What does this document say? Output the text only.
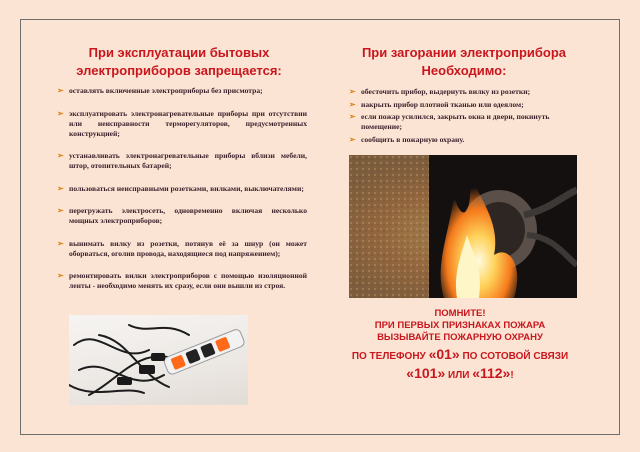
При эксплуатации бытовых
электроприборов запрещается:
➢ оставлять включенные электроприборы без присмотра;
➢ эксплуатировать электронагревательные приборы при отсутствии или неисправности терморегуляторов, предусмотренных конструкцией;
➢ устанавливать электронагревательные приборы вблизи мебели, штор, отопительных батарей;
➢ пользоваться неисправными розетками, вилками, выключателями;
➢ перегружать электросеть, одновременно включая несколько мощных электроприборов;
➢ вынимать вилку из розетки, потянув её за шнур (он может оборваться, оголив провода, находящиеся под напряжением);
➢ ремонтировать вилки электроприборов с помощью изоляционной ленты - необходимо менять их сразу, если они вышли из строя.
При загорании электроприбора
Необходимо:
➢ обесточить прибор, выдернуть вилку из розетки;
➢ накрыть прибор плотной тканью или одеялом;
➢ если пожар усилился, закрыть окна и двери, покинуть помещение;
➢ сообщить в пожарную охрану.
ПОМНИТЕ!
ПРИ ПЕРВЫХ ПРИЗНАКАХ ПОЖАРА
ВЫЗЫВАЙТЕ ПОЖАРНУЮ ОХРАНУ
ПО ТЕЛЕФОНУ «01» ПО СОТОВОЙ СВЯЗИ
«101» ИЛИ «112»!
